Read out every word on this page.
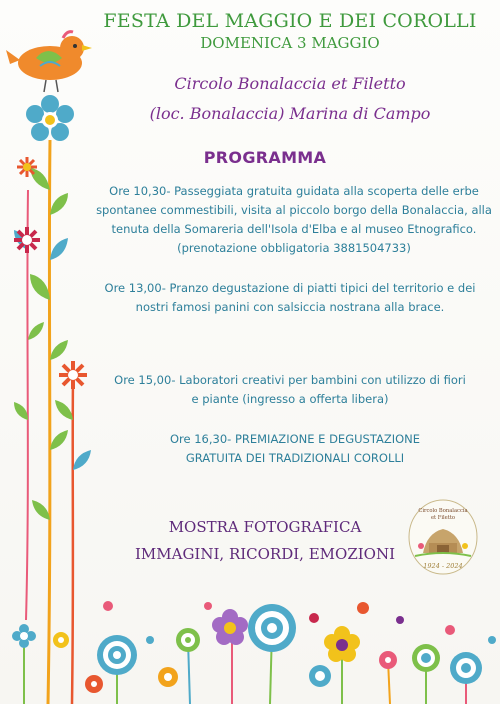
FESTA DEL MAGGIO E DEI COROLLI
DOMENICA 3 MAGGIO
Circolo Bonalaccia et Filetto
(loc. Bonalaccia) Marina di Campo
PROGRAMMA
Ore 10,30- Passeggiata gratuita guidata alla scoperta delle erbe
spontanee commestibili, visita al piccolo borgo della Bonalaccia, alla
tenuta della Somareria dell'Isola d'Elba e al museo Etnografico.
(prenotazione obbligatoria 3881504733)
Ore 13,00- Pranzo degustazione di piatti tipici del territorio e dei
nostri famosi panini con salsiccia nostrana alla brace.
Ore 15,00- Laboratori creativi per bambini con utilizzo di fiori
e piante (ingresso a offerta libera)
Ore 16,30- PREMIAZIONE E DEGUSTAZIONE
GRATUITA DEI TRADIZIONALI COROLLI
MOSTRA FOTOGRAFICA
IMMAGINI, RICORDI, EMOZIONI
Circolo Bonalaccia
et Filetto
1924 - 2024
